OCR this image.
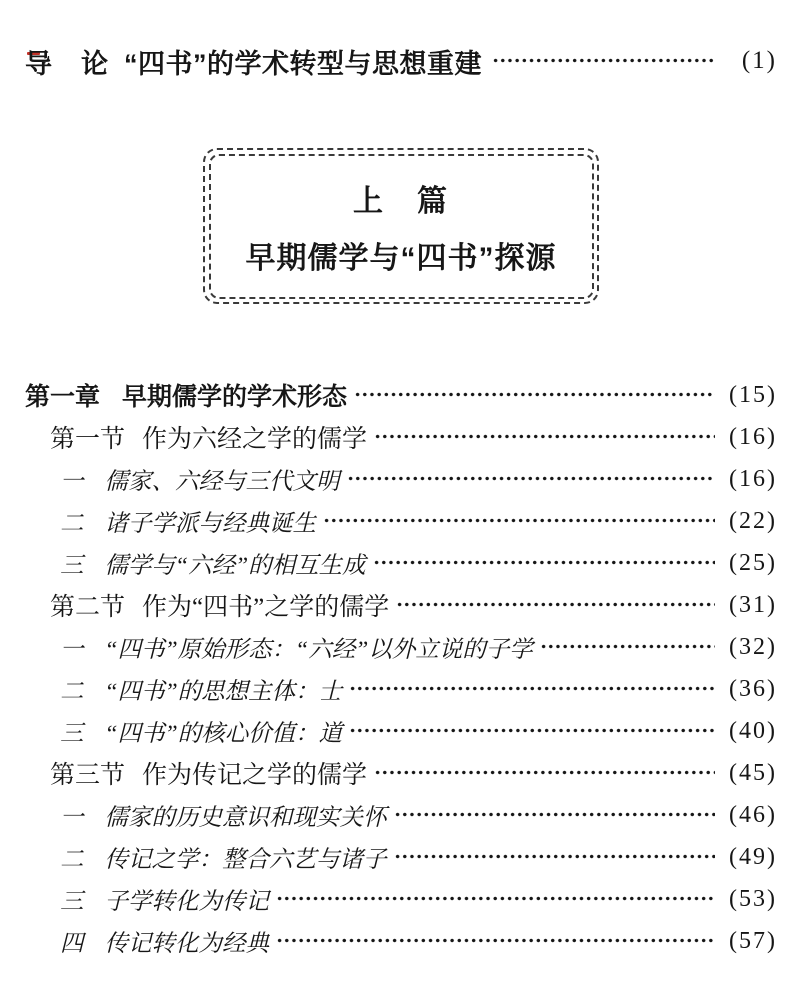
导　论 “四书”的学术转型与思想重建	(1)
上　篇
早期儒学与“四书”探源
第一章 早期儒学的学术形态	(15)
第一节 作为六经之学的儒学	(16)
一 儒家、六经与三代文明	(16)
二 诸子学派与经典诞生	(22)
三 儒学与“六经”的相互生成	(25)
第二节 作为“四书”之学的儒学	(31)
一 “四书”原始形态：“六经”以外立说的子学	(32)
二 “四书”的思想主体：士	(36)
三 “四书”的核心价值：道	(40)
第三节 作为传记之学的儒学	(45)
一 儒家的历史意识和现实关怀	(46)
二 传记之学：整合六艺与诸子	(49)
三 子学转化为传记	(53)
四 传记转化为经典	(57)
